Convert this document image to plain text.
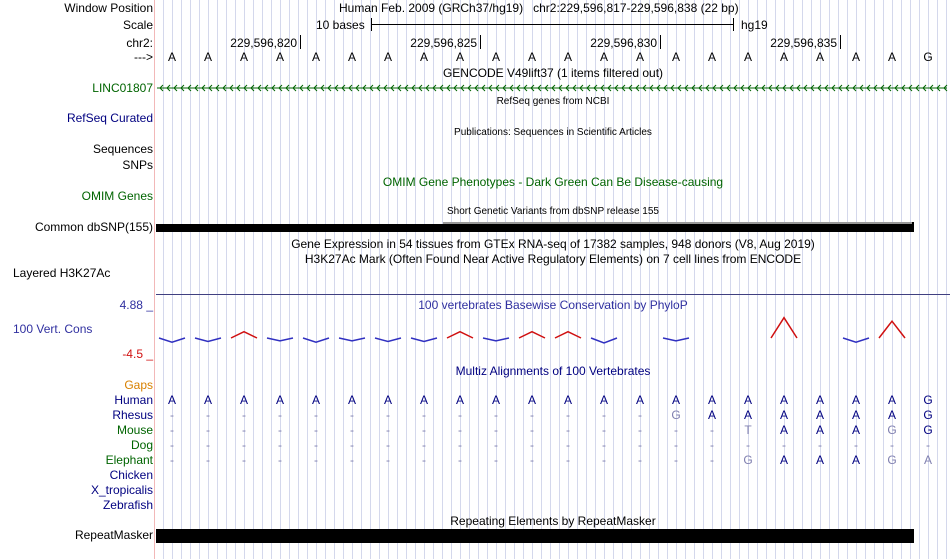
Window Position	Human Feb. 2009 (GRCh37/hg19)   chr2:229,596,817-229,596,838 (22 bp)
Scale	10 bases	hg19
chr2:	229,596,820	229,596,825	229,596,830	229,596,835
--->	A	A	A	A	A	A	A	A	A	A	A	A	A	A	A	A	A	A	A	A	A	G
GENCODE V49lift37 (1 items filtered out)
LINC01807
RefSeq genes from NCBI
RefSeq Curated
Publications: Sequences in Scientific Articles
Sequences
SNPs
OMIM Gene Phenotypes - Dark Green Can Be Disease-causing
OMIM Genes
Short Genetic Variants from dbSNP release 155
Common dbSNP(155)
Gene Expression in 54 tissues from GTEx RNA-seq of 17382 samples, 948 donors (V8, Aug 2019)
H3K27Ac Mark (Often Found Near Active Regulatory Elements) on 7 cell lines from ENCODE
Layered H3K27Ac
100 vertebrates Basewise Conservation by PhyloP
4.88 _
100 Vert. Cons
-4.5 _
Multiz Alignments of 100 Vertebrates
Gaps
Human	A	A	A	A	A	A	A	A	A	A	A	A	A	A	A	A	A	A	A	A	A	G
Rhesus	-	-	-	-	-	-	-	-	-	-	-	-	-	-	G	A	A	A	A	A	A	G
Mouse	-	-	-	-	-	-	-	-	-	-	-	-	-	-	-	-	T	A	A	A	G	G
Dog	-	-	-	-	-	-	-	-	-	-	-	-	-	-	-	-	-	-	-	-	-	-
Elephant	-	-	-	-	-	-	-	-	-	-	-	-	-	-	-	-	G	A	A	A	G	A
Chicken
X_tropicalis
Zebrafish
Repeating Elements by RepeatMasker
RepeatMasker
